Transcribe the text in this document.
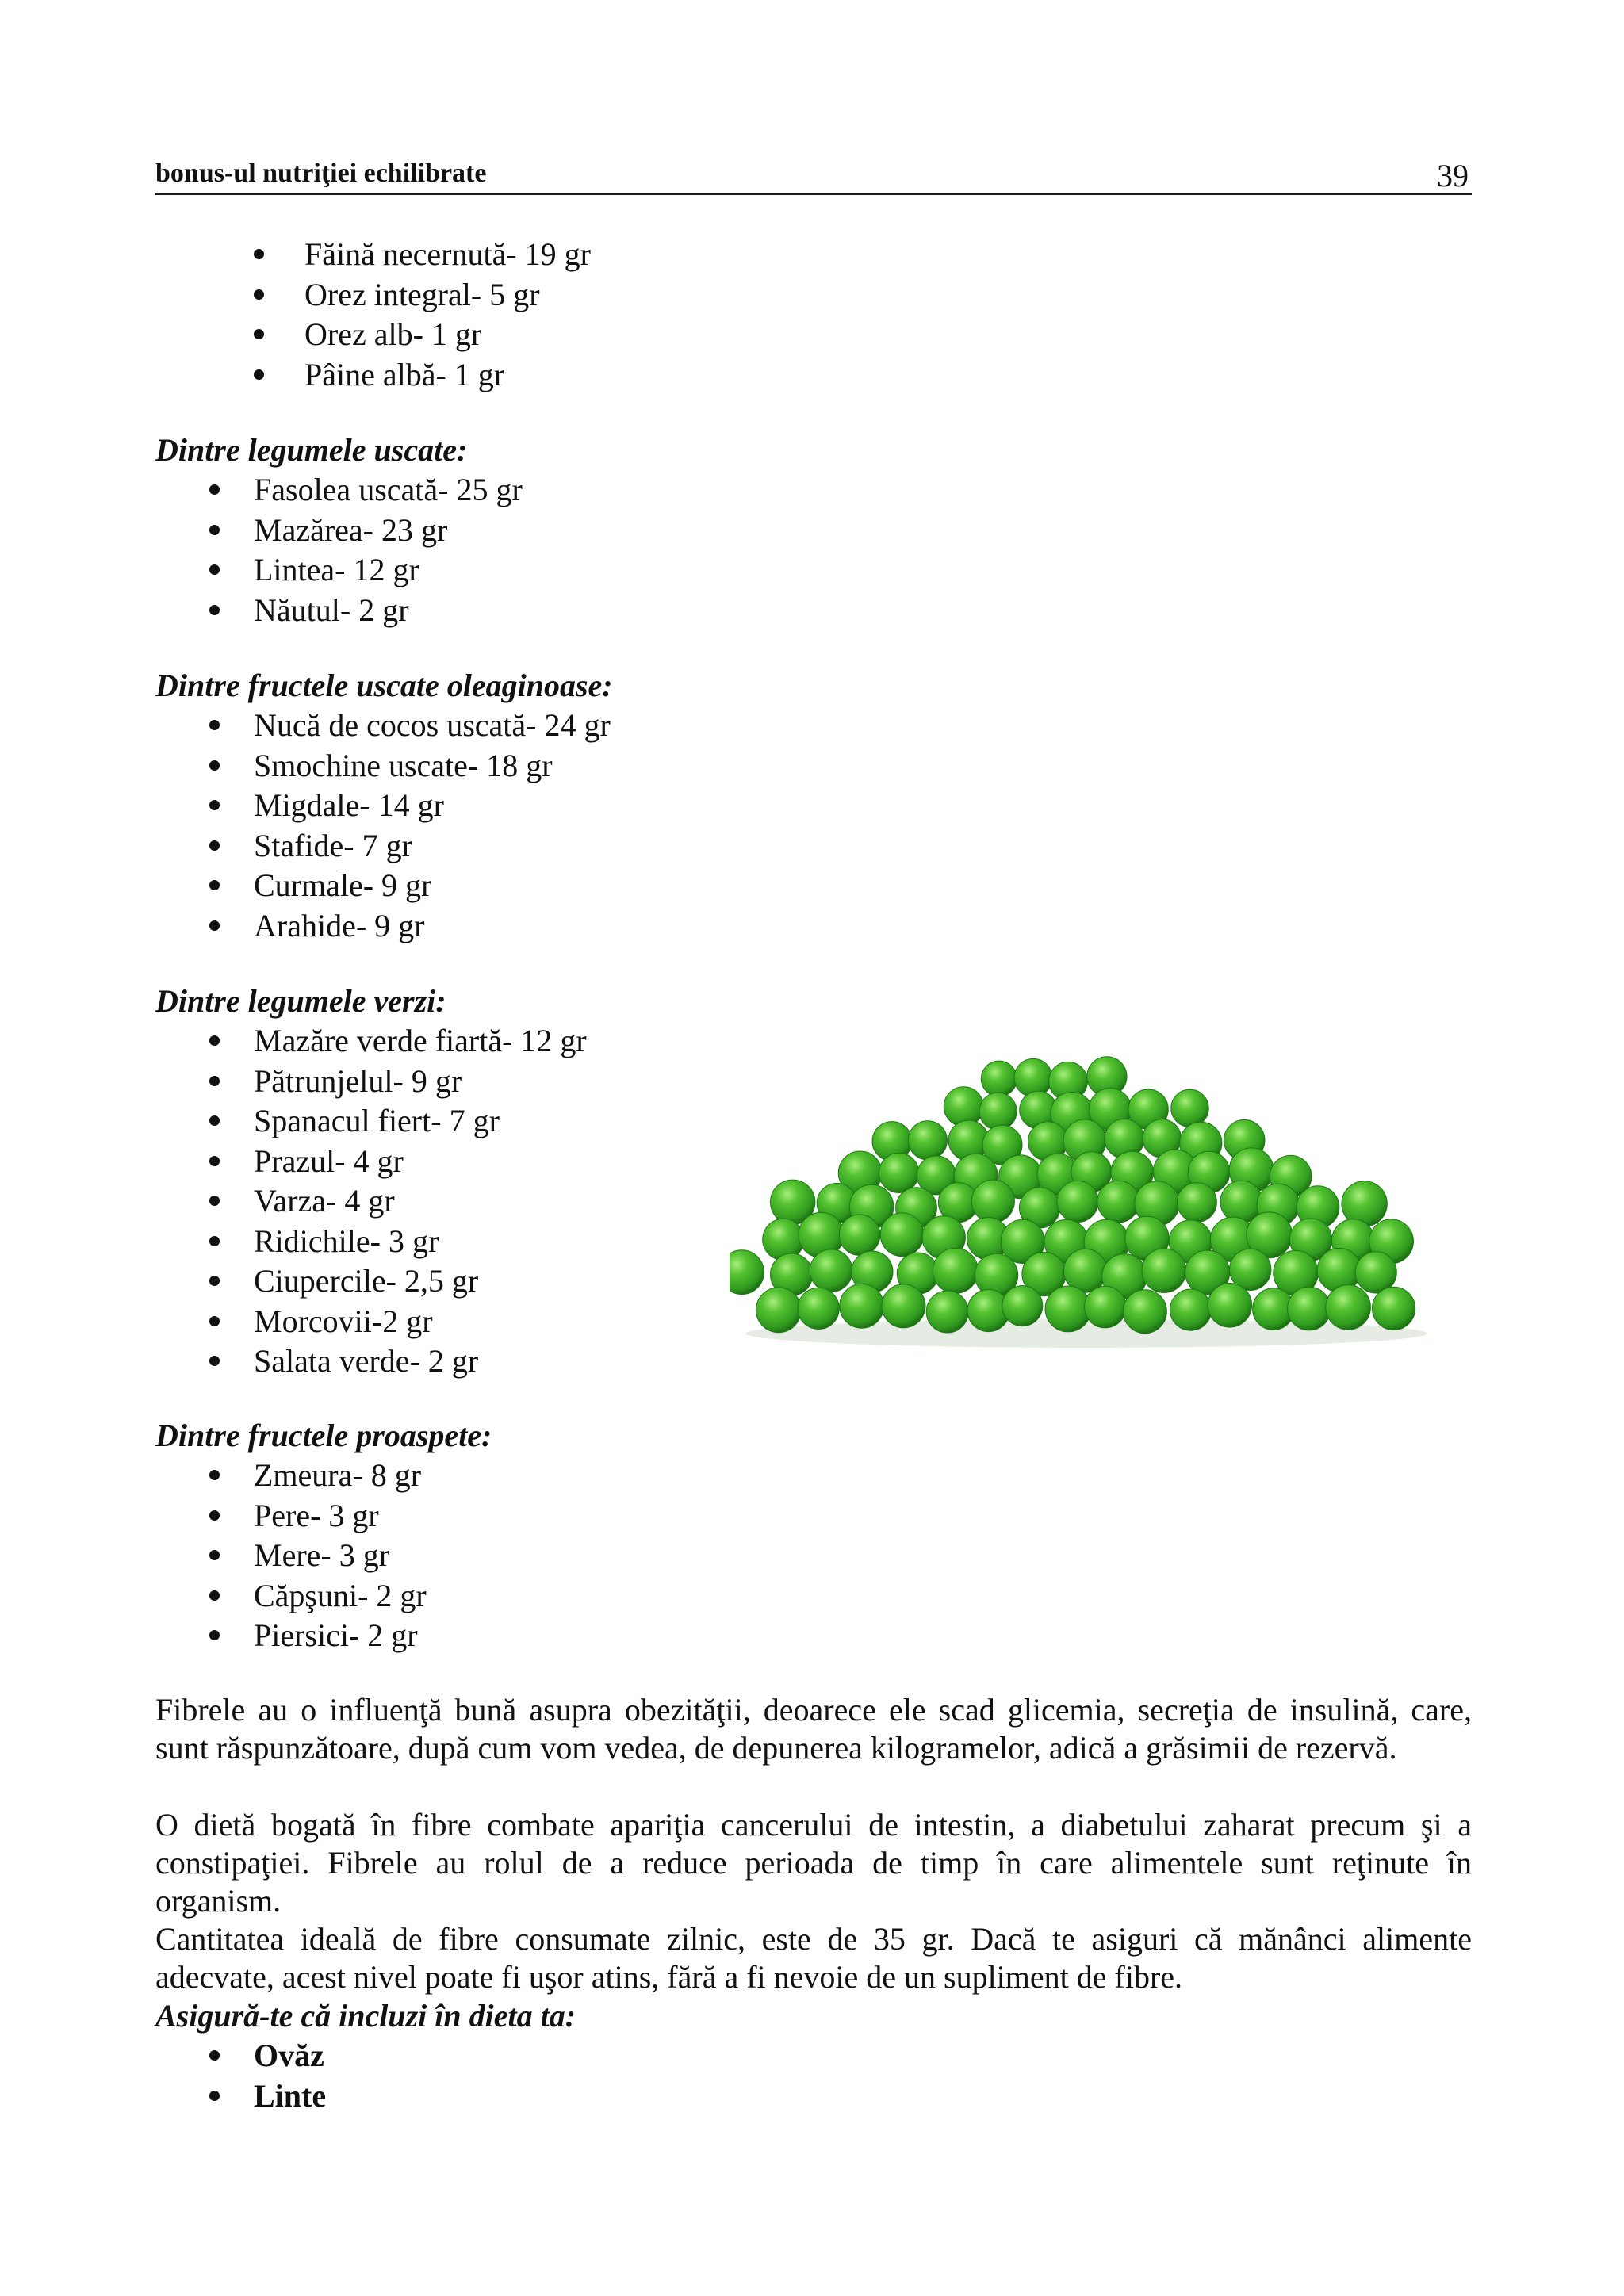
bonus-ul nutriţiei echilibrate	39
Făină necernută- 19 gr
Orez integral- 5 gr
Orez alb- 1 gr
Pâine albă- 1 gr
Dintre legumele uscate:
Fasolea uscată- 25 gr
Mazărea- 23 gr
Lintea- 12 gr
Năutul- 2 gr
Dintre fructele uscate oleaginoase:
Nucă de cocos uscată- 24 gr
Smochine uscate- 18 gr
Migdale- 14 gr
Stafide- 7 gr
Curmale- 9 gr
Arahide- 9 gr
Dintre legumele verzi:
Mazăre verde fiartă- 12 gr
Pătrunjelul- 9 gr
Spanacul fiert- 7 gr
Prazul- 4 gr
Varza- 4 gr
Ridichile- 3 gr
Ciupercile- 2,5 gr
Morcovii-2 gr
Salata verde- 2 gr
Dintre fructele proaspete:
Zmeura- 8 gr
Pere- 3 gr
Mere- 3 gr
Căpşuni- 2 gr
Piersici- 2 gr
Fibrele au o influenţă bună asupra obezităţii, deoarece ele scad glicemia, secreţia de insulină, care,
sunt răspunzătoare, după cum vom vedea, de depunerea kilogramelor, adică a grăsimii de rezervă.
O dietă bogată în fibre combate apariţia cancerului de intestin, a diabetului zaharat precum şi a
constipaţiei. Fibrele au rolul de a reduce perioada de timp în care alimentele sunt reţinute în
organism.
Cantitatea ideală de fibre consumate zilnic, este de 35 gr. Dacă te asiguri că mănânci alimente
adecvate, acest nivel poate fi uşor atins, fără a fi nevoie de un supliment de fibre.
Asigură-te că incluzi în dieta ta:
Ovăz
Linte
